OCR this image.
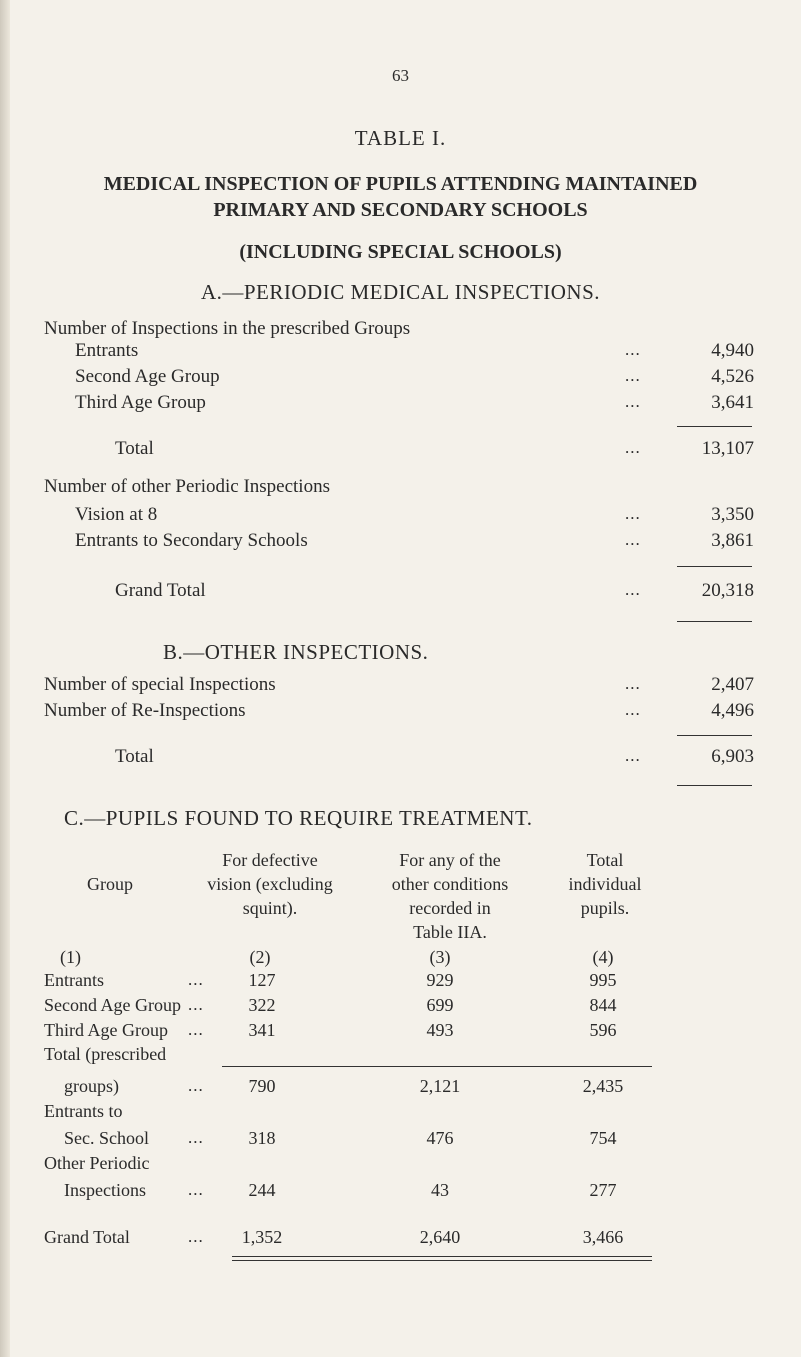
63
TABLE I.
MEDICAL INSPECTION OF PUPILS ATTENDING MAINTAINED
PRIMARY AND SECONDARY SCHOOLS
(INCLUDING SPECIAL SCHOOLS)
A.—PERIODIC MEDICAL INSPECTIONS.
Number of Inspections in the prescribed Groups
Entrants	...	4,940
Second Age Group	...	4,526
Third Age Group	...	3,641
Total	...	13,107
Number of other Periodic Inspections
Vision at 8	...	3,350
Entrants to Secondary Schools	...	3,861
Grand Total	...	20,318
B.—OTHER INSPECTIONS.
Number of special Inspections	...	2,407
Number of Re-Inspections	...	4,496
Total	...	6,903
C.—PUPILS FOUND TO REQUIRE TREATMENT.
Group
For defective
vision (excluding
squint).
For any of the
other conditions
recorded in
Table IIA.
Total
individual
pupils.
(1)	(2)	(3)	(4)
Entrants	...	127	929	995
Second Age Group ...	322	699	844
Third Age Group ...	341	493	596
Total (prescribed
groups)	...	790	2,121	2,435
Entrants to
Sec. School ...	318	476	754
Other Periodic
Inspections ...	244	43	277
Grand Total	...	1,352	2,640	3,466
